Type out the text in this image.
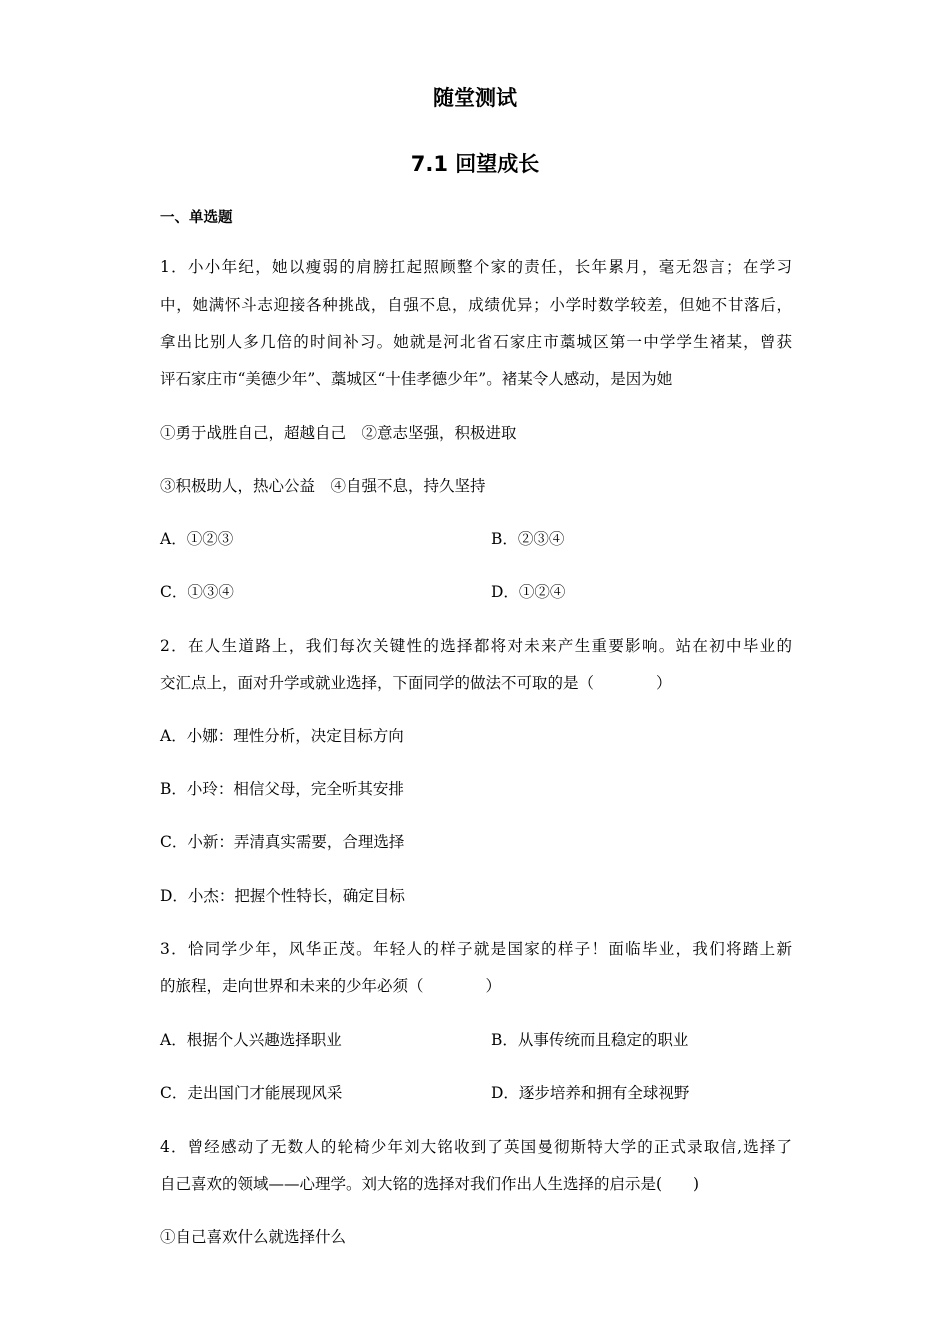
随堂测试
7.1 回望成长
一、单选题
1．小小年纪，她以瘦弱的肩膀扛起照顾整个家的责任，长年累月，毫无怨言；在学习
中，她满怀斗志迎接各种挑战，自强不息，成绩优异；小学时数学较差，但她不甘落后，
拿出比别人多几倍的时间补习。她就是河北省石家庄市藁城区第一中学学生褚某，曾获
评石家庄市“美德少年”、藁城区“十佳孝德少年”。褚某令人感动，是因为她
①勇于战胜自己，超越自己　②意志坚强，积极进取
③积极助人，热心公益　④自强不息，持久坚持
A．①②③	B．②③④
C．①③④	D．①②④
2．在人生道路上，我们每次关键性的选择都将对未来产生重要影响。站在初中毕业的
交汇点上，面对升学或就业选择，下面同学的做法不可取的是（　　　　）
A．小娜：理性分析，决定目标方向
B．小玲：相信父母，完全听其安排
C．小新：弄清真实需要，合理选择
D．小杰：把握个性特长，确定目标
3．恰同学少年，风华正茂。年轻人的样子就是国家的样子！面临毕业，我们将踏上新
的旅程，走向世界和未来的少年必须（　　　　）
A．根据个人兴趣选择职业	B．从事传统而且稳定的职业
C．走出国门才能展现风采	D．逐步培养和拥有全球视野
4．曾经感动了无数人的轮椅少年刘大铭收到了英国曼彻斯特大学的正式录取信,选择了
自己喜欢的领域——心理学。刘大铭的选择对我们作出人生选择的启示是(　　)
①自己喜欢什么就选择什么
